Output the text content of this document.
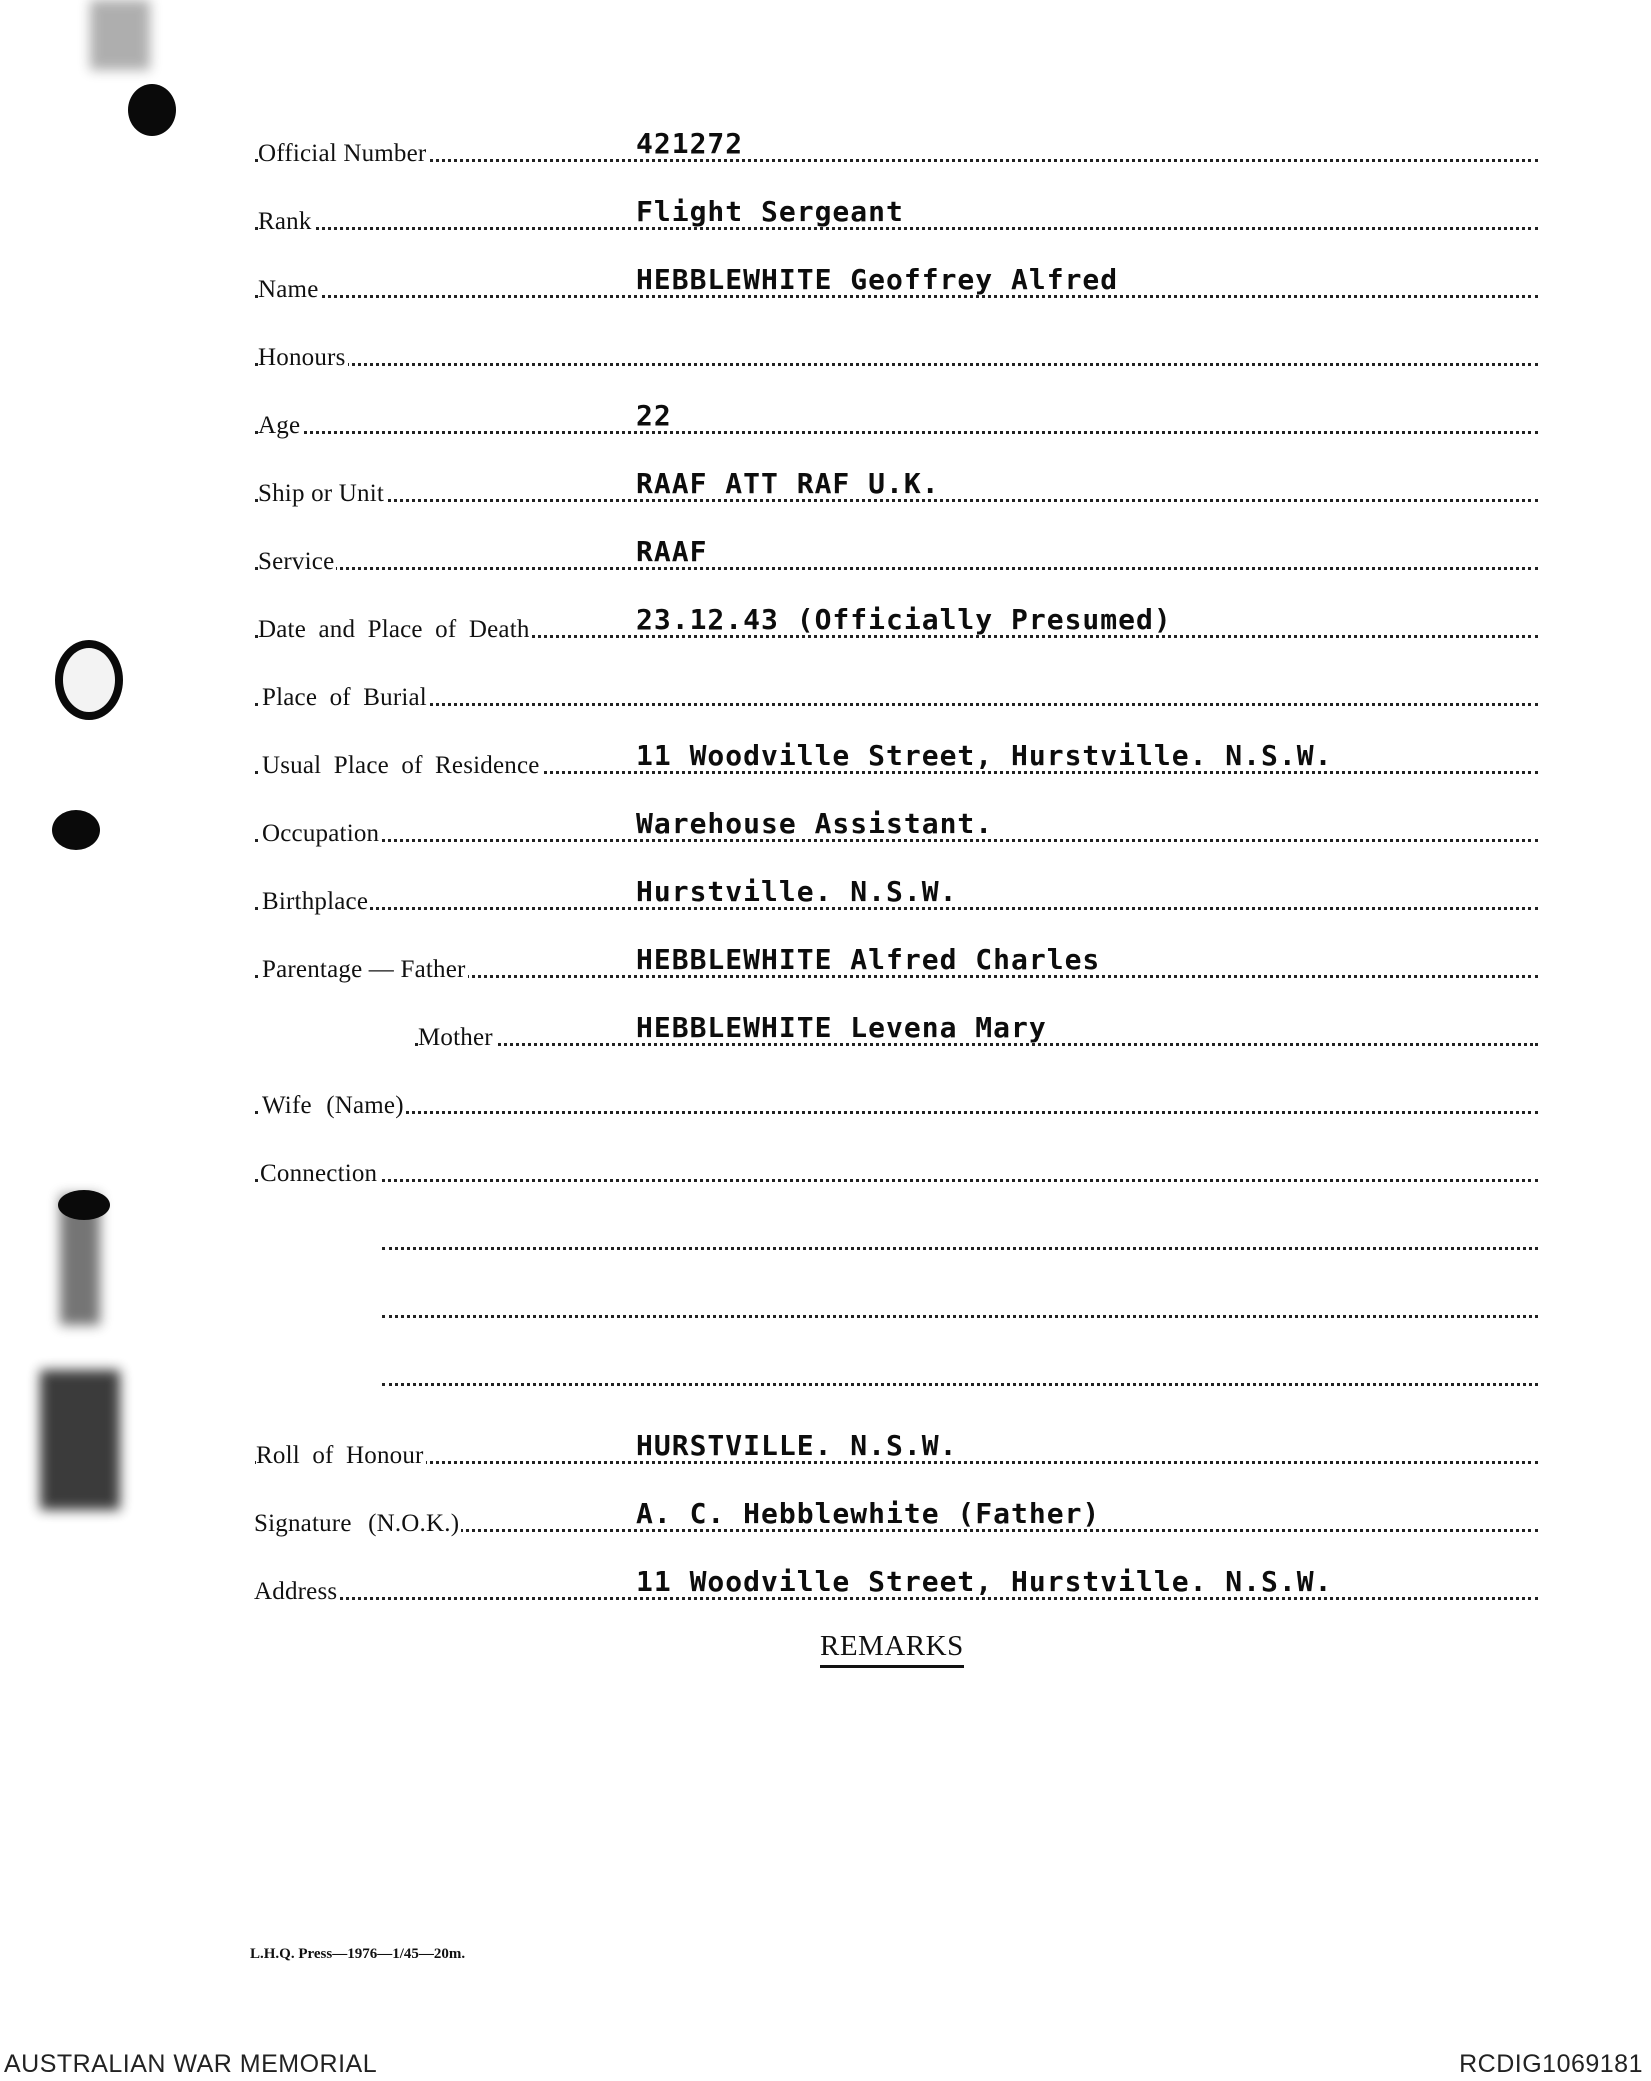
Official Number	421272
Rank	Flight Sergeant
Name	HEBBLEWHITE Geoffrey Alfred
Honours
Age	22
Ship or Unit	RAAF ATT RAF U.K.
Service	RAAF
Date and Place of Death	23.12.43 (Officially Presumed)
Place of Burial
Usual Place of Residence	11 Woodville Street, Hurstville. N.S.W.
Occupation	Warehouse Assistant.
Birthplace	Hurstville. N.S.W.
Parentage — Father	HEBBLEWHITE Alfred Charles
Mother	HEBBLEWHITE Levena Mary
Wife (Name)
Connection
Roll of Honour	HURSTVILLE. N.S.W.
Signature (N.O.K.)	A. C. Hebblewhite (Father)
Address	11 Woodville Street, Hurstville. N.S.W.
REMARKS
L.H.Q. Press—1976—1/45—20m.
AUSTRALIAN WAR MEMORIAL	RCDIG1069181
